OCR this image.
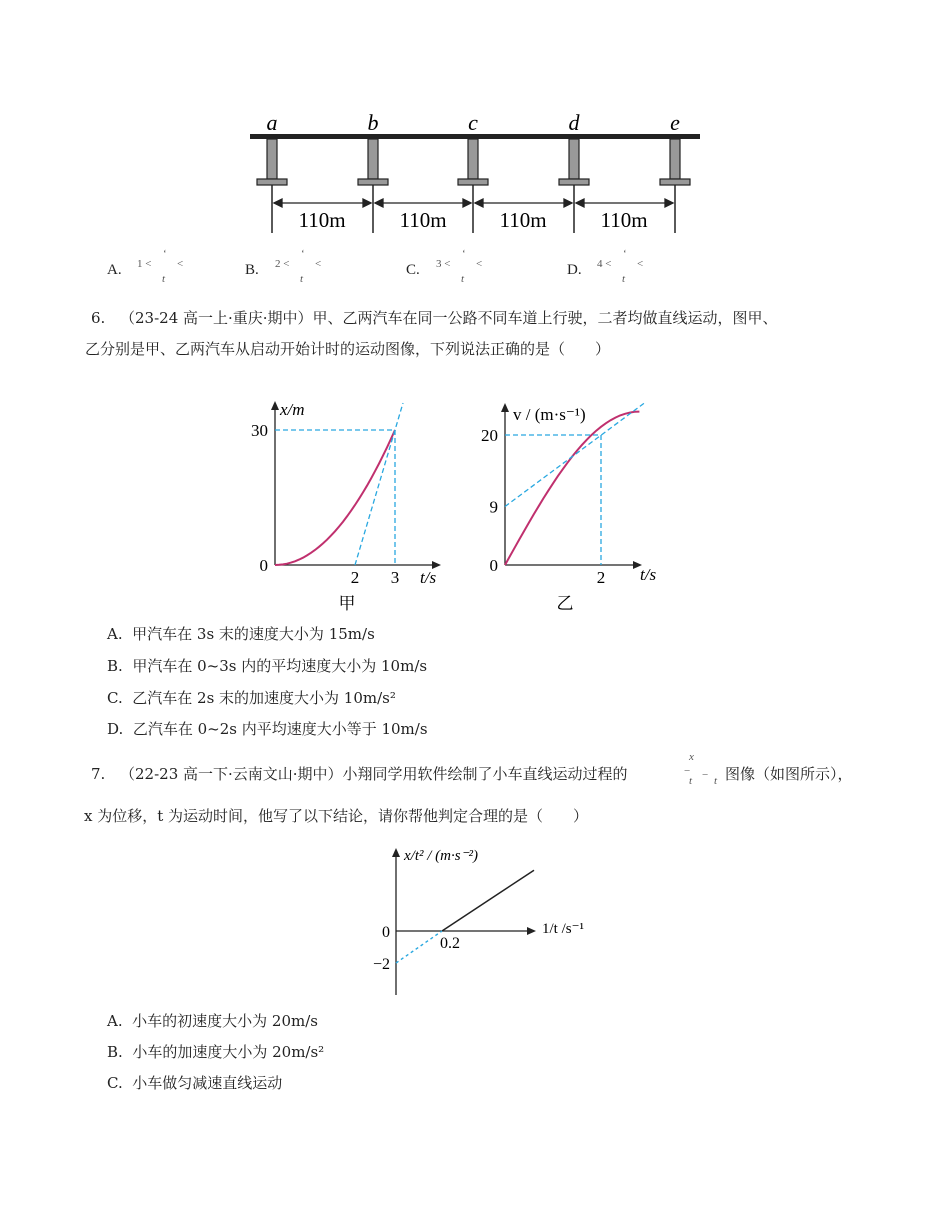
a	b	c	d	e
110m	110m	110m	110m
A. 1 <
ʻ
t
<	B. 2 <
ʻ
t
<	C. 3 <
ʻ
t
<	D. 4 <
ʻ
t
<
6. （23-24 高一上·重庆·期中）甲、乙两汽车在同一公路不同车道上行驶，二者均做直线运动，图甲、
乙分别是甲、乙两汽车从启动开始计时的运动图像，下列说法正确的是（　　）
0
30
2 3
x/m
t/s
甲
0
9
20
2
v / (m·s⁻¹)
t/s
乙
A. 甲汽车在 3s 末的速度大小为 15m/s
B. 甲汽车在 0~3s 内的平均速度大小为 10m/s
C. 乙汽车在 2s 末的加速度大小为 10m/s²
D. 乙汽车在 0~2s 内平均速度大小等于 10m/s
7. （22-23 高一下·云南文山·期中）小翔同学用软件绘制了小车直线运动过程的
x
−
t − t 图像（如图所示），
x 为位移，t 为运动时间，他写了以下结论，请你帮他判定合理的是（　　）
0
−2
0.2
x/t² / (m·s⁻²)
1/t /s⁻¹
A. 小车的初速度大小为 20m/s
B. 小车的加速度大小为 20m/s²
C. 小车做匀减速直线运动
